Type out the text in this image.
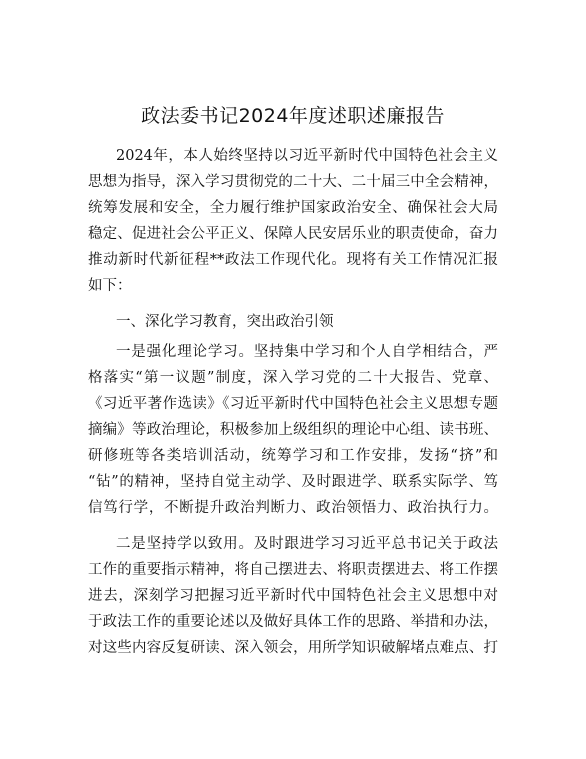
政法委书记2024年度述职述廉报告
2024年，本人始终坚持以习近平新时代中国特色社会主义
思想为指导，深入学习贯彻党的二十大、二十届三中全会精神，
统筹发展和安全，全力履行维护国家政治安全、确保社会大局
稳定、促进社会公平正义、保障人民安居乐业的职责使命，奋力
推动新时代新征程**政法工作现代化。现将有关工作情况汇报
如下：
一、深化学习教育，突出政治引领
一是强化理论学习。坚持集中学习和个人自学相结合，严
格落实“第一议题”制度，深入学习党的二十大报告、党章、
《习近平著作选读》《习近平新时代中国特色社会主义思想专题
摘编》等政治理论，积极参加上级组织的理论中心组、读书班、
研修班等各类培训活动，统筹学习和工作安排，发扬“挤”和
“钻”的精神，坚持自觉主动学、及时跟进学、联系实际学、笃
信笃行学，不断提升政治判断力、政治领悟力、政治执行力。
二是坚持学以致用。及时跟进学习习近平总书记关于政法
工作的重要指示精神，将自己摆进去、将职责摆进去、将工作摆
进去，深刻学习把握习近平新时代中国特色社会主义思想中对
于政法工作的重要论述以及做好具体工作的思路、举措和办法，
对这些内容反复研读、深入领会，用所学知识破解堵点难点、打
